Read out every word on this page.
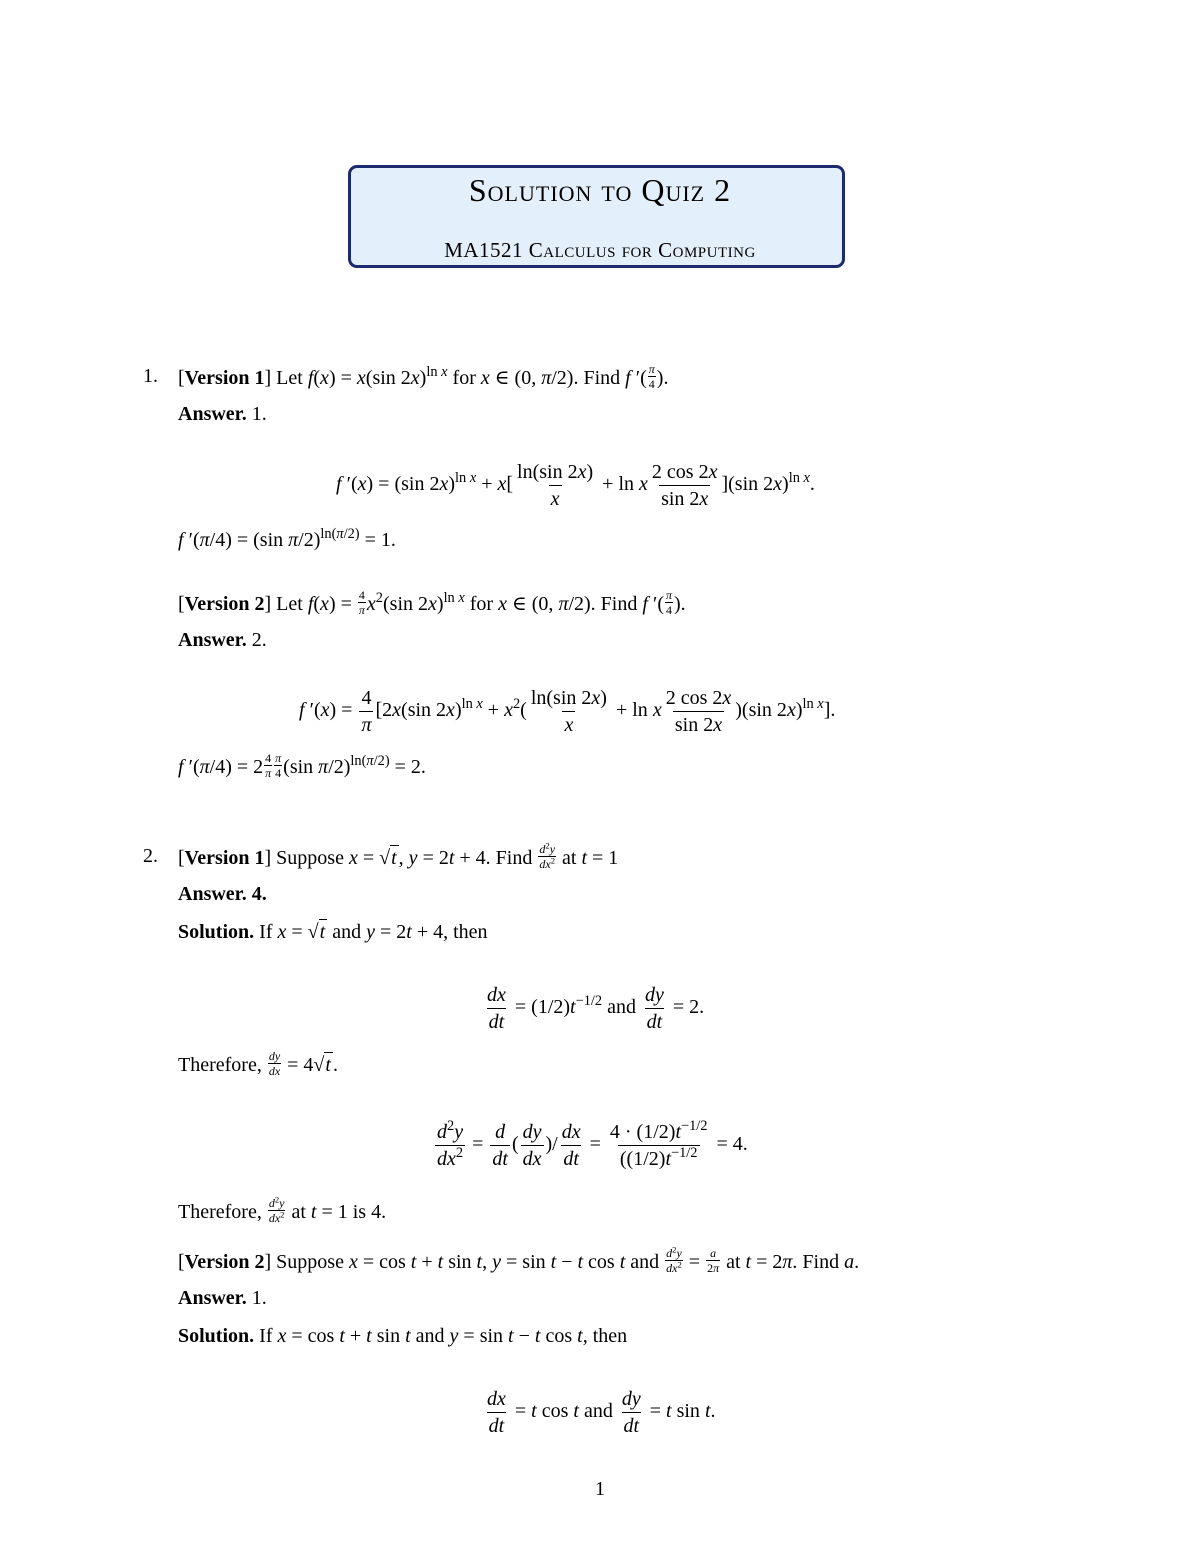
Solution to Quiz 2
MA1521 Calculus for Computing
1. [Version 1] Let f(x) = x(sin 2x)$^{ln x}$ for x ∈ (0, π/2). Find f ′( $\frac{\pi}{4}$ ).
Answer. 1.
f ′(x) = (sin $2x)^{ln x} + x[ \frac{\ln(\sin 2x)}{x} + \ln x \frac{2 \cos 2x}{\sin 2x} ](\sin$ 2x)$^{ln x}$.
f ′(π/4) = (sin π/2)$^{ln(\pi/2)}$ = 1.
[Version 2] Let $f(x) = \frac{4}{\pi} x^2(\sin$ 2x)$^{ln x}$ for x ∈ (0, π/2). Find f ′( $\frac{\pi}{4}$ ).
Answer. 2.
f $'(x) = \frac{4}{\pi} [2x(\sin$ $2x)^{ln x} + x^2( \frac{\ln(\sin 2x)}{x} + \ln x \frac{2 \cos 2x}{\sin 2x} )(\sin$ 2x)$^{ln x}$].
f $'(\pi/4) = 2 \frac{4}{\pi} \frac{\pi}{4} (\sin$ π/2)$^{ln(\pi/2)}$ = 2.
2. [Version 1] Suppose x = √t , y = 2t + 4. Find $\frac{d^2y}{dx^2}$ at t = 1
Answer. 4.
Solution. If x = √t and y = 2t + 4, then
$\frac{dx}{dt} = (1/2)t^{-1/2}$ and $\frac{dy}{dt} = 2$.
Therefore, $\frac{dy}{dx} = 4√t$ .
$\frac{d^2y}{dx^2} = \frac{d}{dt}$ ( $\frac{dy}{dx}$ )/ $\frac{dx}{dt} = \frac{4 \cdot (1/2)t^{-1/2}}{((1/2)t^{-1/2}} = 4$.
Therefore, $\frac{d^2y}{dx^2}$ at t = 1 is 4.
[Version 2] Suppose x = cos t + t sin t, y = sin t − t cos t and $\frac{d^2y}{dx^2} = \frac{a}{2\pi}$ at t = 2π. Find a.
Answer. 1.
Solution. If x = cos t + t sin t and y = sin t − t cos t, then
$\frac{dx}{dt} = t$ cos t and $\frac{dy}{dt} = t$ sin t.
1
